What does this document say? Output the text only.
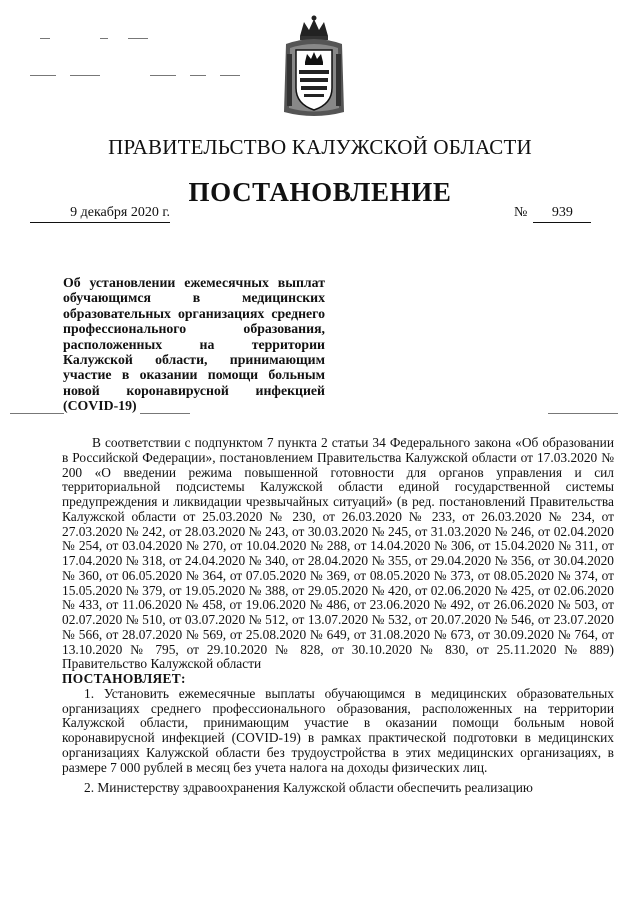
ПРАВИТЕЛЬСТВО КАЛУЖСКОЙ ОБЛАСТИ
ПОСТАНОВЛЕНИЕ
9 декабря 2020 г.	№ 939
Об установлении ежемесячных выплат
обучающимся в медицинских
образовательных организациях среднего
профессионального образования,
расположенных на территории
Калужской области, принимающим
участие в оказании помощи больным
новой коронавирусной инфекцией
(COVID-19)

В соответствии с подпунктом 7 пункта 2 статьи 34 Федерального закона «Об образовании в Российской Федерации», постановлением Правительства Калужской области от 17.03.2020 № 200 «О введении режима повышенной готовности для органов управления и сил территориальной подсистемы Калужской области единой государственной системы предупреждения и ликвидации чрезвычайных ситуаций» (в ред. постановлений Правительства Калужской области от 25.03.2020 № 230, от 26.03.2020 № 233, от 26.03.2020 № 234, от 27.03.2020 № 242, от 28.03.2020 № 243, от 30.03.2020 № 245, от 31.03.2020 № 246, от 02.04.2020 № 254, от 03.04.2020 № 270, от 10.04.2020 № 288, от 14.04.2020 № 306, от 15.04.2020 № 311, от 17.04.2020 № 318, от 24.04.2020 № 340, от 28.04.2020 № 355, от 29.04.2020 № 356, от 30.04.2020 № 360, от 06.05.2020 № 364, от 07.05.2020 № 369, от 08.05.2020 № 373, от 08.05.2020 № 374, от 15.05.2020 № 379, от 19.05.2020 № 388, от 29.05.2020 № 420, от 02.06.2020 № 425, от 02.06.2020 № 433, от 11.06.2020 № 458, от 19.06.2020 № 486, от 23.06.2020 № 492, от 26.06.2020 № 503, от 02.07.2020 № 510, от 03.07.2020 № 512, от 13.07.2020 № 532, от 20.07.2020 № 546, от 23.07.2020 № 566, от 28.07.2020 № 569, от 25.08.2020 № 649, от 31.08.2020 № 673, от 30.09.2020 № 764, от 13.10.2020 № 795, от 29.10.2020 № 828, от 30.10.2020 № 830, от 25.11.2020 № 889) Правительство Калужской области

ПОСТАНОВЛЯЕТ:

1. Установить ежемесячные выплаты обучающимся в медицинских образовательных организациях среднего профессионального образования, расположенных на территории Калужской области, принимающим участие в оказании помощи больным новой коронавирусной инфекцией (COVID-19) в рамках практической подготовки в медицинских организациях Калужской области без трудоустройства в этих медицинских организациях, в размере 7 000 рублей в месяц без учета налога на доходы физических лиц.

2. Министерству здравоохранения Калужской области обеспечить реализацию
